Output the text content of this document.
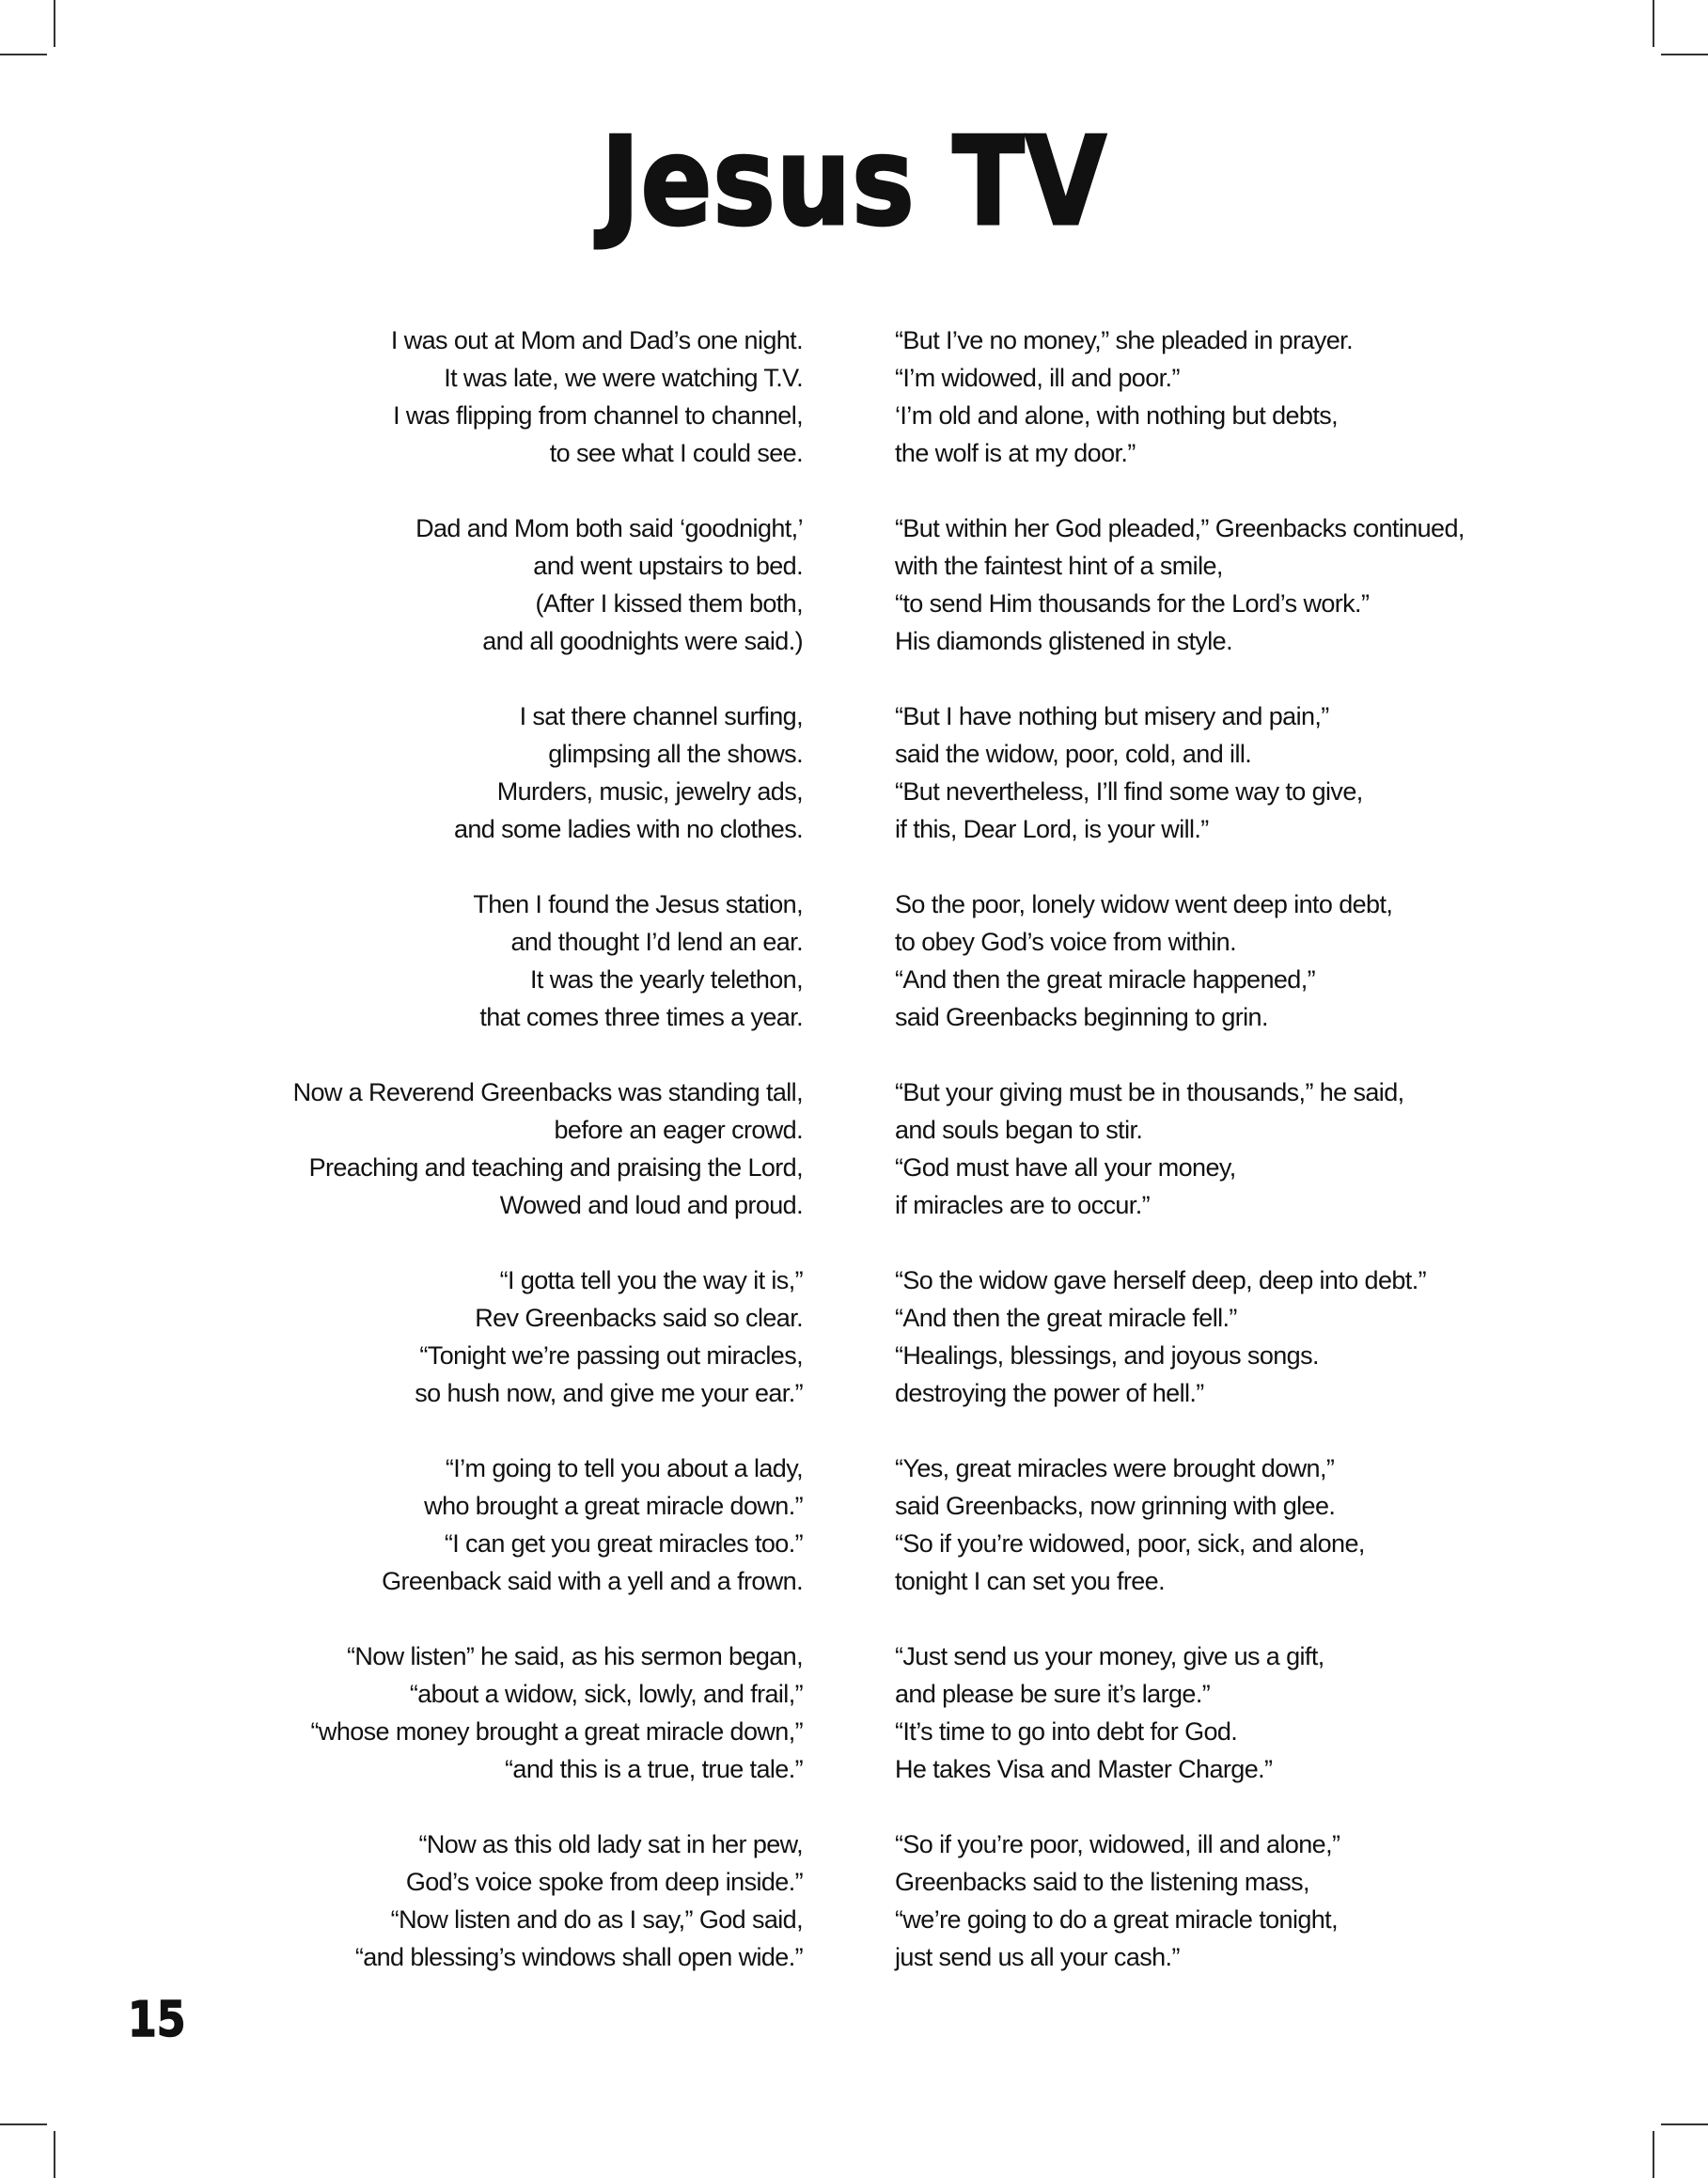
Jesus TV
I was out at Mom and Dad’s one night.
It was late, we were watching T.V.
I was flipping from channel to channel,
to see what I could see.
Dad and Mom both said ‘goodnight,’
and went upstairs to bed.
(After I kissed them both,
and all goodnights were said.)
I sat there channel surfing,
glimpsing all the shows.
Murders, music, jewelry ads,
and some ladies with no clothes.
Then I found the Jesus station,
and thought I’d lend an ear.
It was the yearly telethon,
that comes three times a year.
Now a Reverend Greenbacks was standing tall,
before an eager crowd.
Preaching and teaching and praising the Lord,
Wowed and loud and proud.
“I gotta tell you the way it is,”
Rev Greenbacks said so clear.
“Tonight we’re passing out miracles,
so hush now, and give me your ear.”
“I’m going to tell you about a lady,
who brought a great miracle down.”
“I can get you great miracles too.”
Greenback said with a yell and a frown.
“Now listen” he said, as his sermon began,
“about a widow, sick, lowly, and frail,”
“whose money brought a great miracle down,”
“and this is a true, true tale.”
“Now as this old lady sat in her pew,
God’s voice spoke from deep inside.”
“Now listen and do as I say,” God said,
“and blessing’s windows shall open wide.”
“But I’ve no money,” she pleaded in prayer.
“I’m widowed, ill and poor.”
‘I’m old and alone, with nothing but debts,
the wolf is at my door.”
“But within her God pleaded,” Greenbacks continued,
with the faintest hint of a smile,
“to send Him thousands for the Lord’s work.”
His diamonds glistened in style.
“But I have nothing but misery and pain,”
said the widow, poor, cold, and ill.
“But nevertheless, I’ll find some way to give,
if this, Dear Lord, is your will.”
So the poor, lonely widow went deep into debt,
to obey God’s voice from within.
“And then the great miracle happened,”
said Greenbacks beginning to grin.
“But your giving must be in thousands,” he said,
and souls began to stir.
“God must have all your money,
if miracles are to occur.”
“So the widow gave herself deep, deep into debt.”
“And then the great miracle fell.”
“Healings, blessings, and joyous songs.
destroying the power of hell.”
“Yes, great miracles were brought down,”
said Greenbacks, now grinning with glee.
“So if you’re widowed, poor, sick, and alone,
tonight I can set you free.
“Just send us your money, give us a gift,
and please be sure it’s large.”
“It’s time to go into debt for God.
He takes Visa and Master Charge.”
“So if you’re poor, widowed, ill and alone,”
Greenbacks said to the listening mass,
“we’re going to do a great miracle tonight,
just send us all your cash.”
15
